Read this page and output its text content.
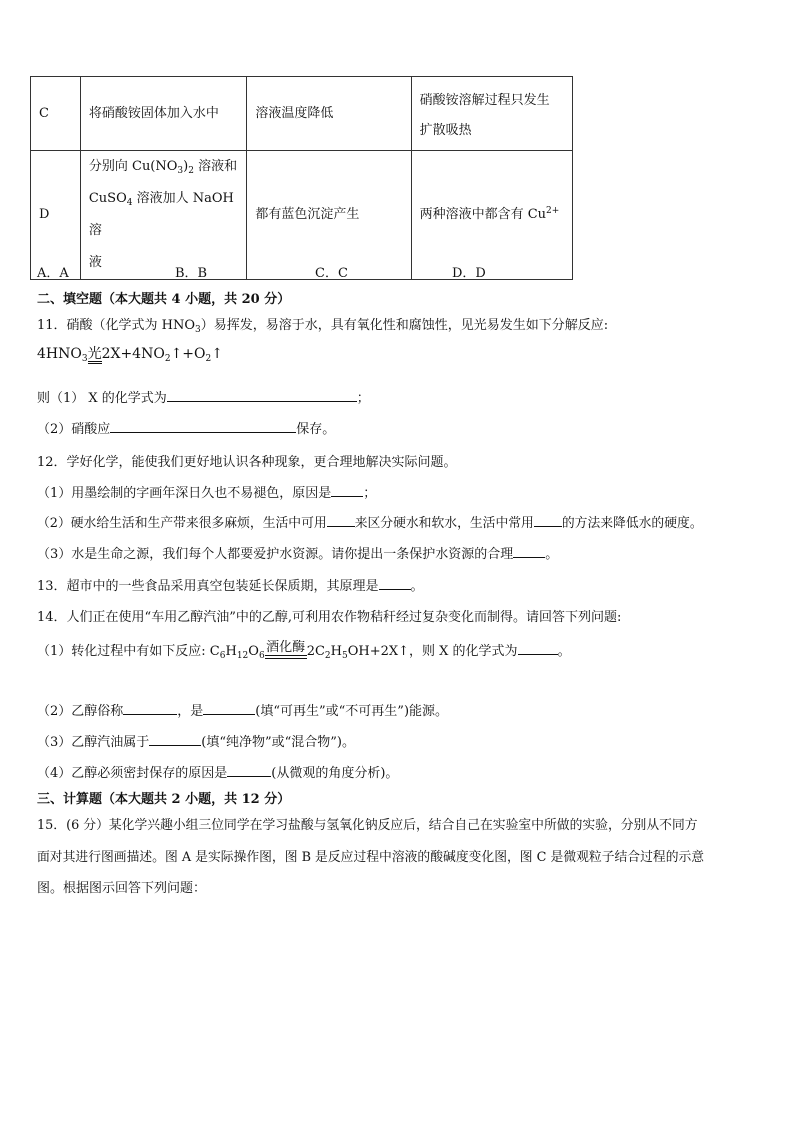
C	将硝酸铵固体加入水中	溶液温度降低	硝酸铵溶解过程只发生
扩散吸热

D	分别向 $Cu(NO_3)_2$ 溶液和
CuSO$_4$ 溶液加人 NaOH 溶
液	都有蓝色沉淀产生	两种溶液中都含有 $Cu^{2+}$
A．A	B．B	C．C	D．D
二、填空题（本大题共 4 小题，共 20 分）
11．硝酸（化学式为 $HNO_3$）易挥发，易溶于水，具有氧化性和腐蚀性，见光易发生如下分解反应:
$4HNO_3$光$2X+4NO_2↑+O_2↑$
则（1） X 的化学式为	；
（2）硝酸应	保存。
12．学好化学，能使我们更好地认识各种现象，更合理地解决实际问题。
（1）用墨绘制的字画年深日久也不易褪色，原因是 ；
（2）硬水给生活和生产带来很多麻烦，生活中可用 来区分硬水和软水，生活中常用 的方法来降低水的硬度。
（3）水是生命之源，我们每个人都要爱护水资源。请你提出一条保护水资源的合理 。
13．超市中的一些食品采用真空包装延长保质期，其原理是 。
14．人们正在使用“车用乙醇汽油”中的乙醇,可利用农作物秸秆经过复杂变化而制得。请回答下列问题:
（1）转化过程中有如下反应: $C_6H_{12}O_6$
酒化酶 $2C_2H_5OH+2X↑$，则 X 的化学式为	。
（2）乙醇俗称	，是	(填“可再生”或“不可再生”)能源。
（3）乙醇汽油属于	(填“纯净物”或“混合物”)。
（4）乙醇必须密封保存的原因是	(从微观的角度分析)。
三、计算题（本大题共 2 小题，共 12 分）
15．(6 分）某化学兴趣小组三位同学在学习盐酸与氢氧化钠反应后，结合自己在实验室中所做的实验，分别从不同方
面对其进行图画描述。图 A 是实际操作图，图 B 是反应过程中溶液的酸碱度变化图，图 C 是微观粒子结合过程的示意
图。根据图示回答下列问题：
